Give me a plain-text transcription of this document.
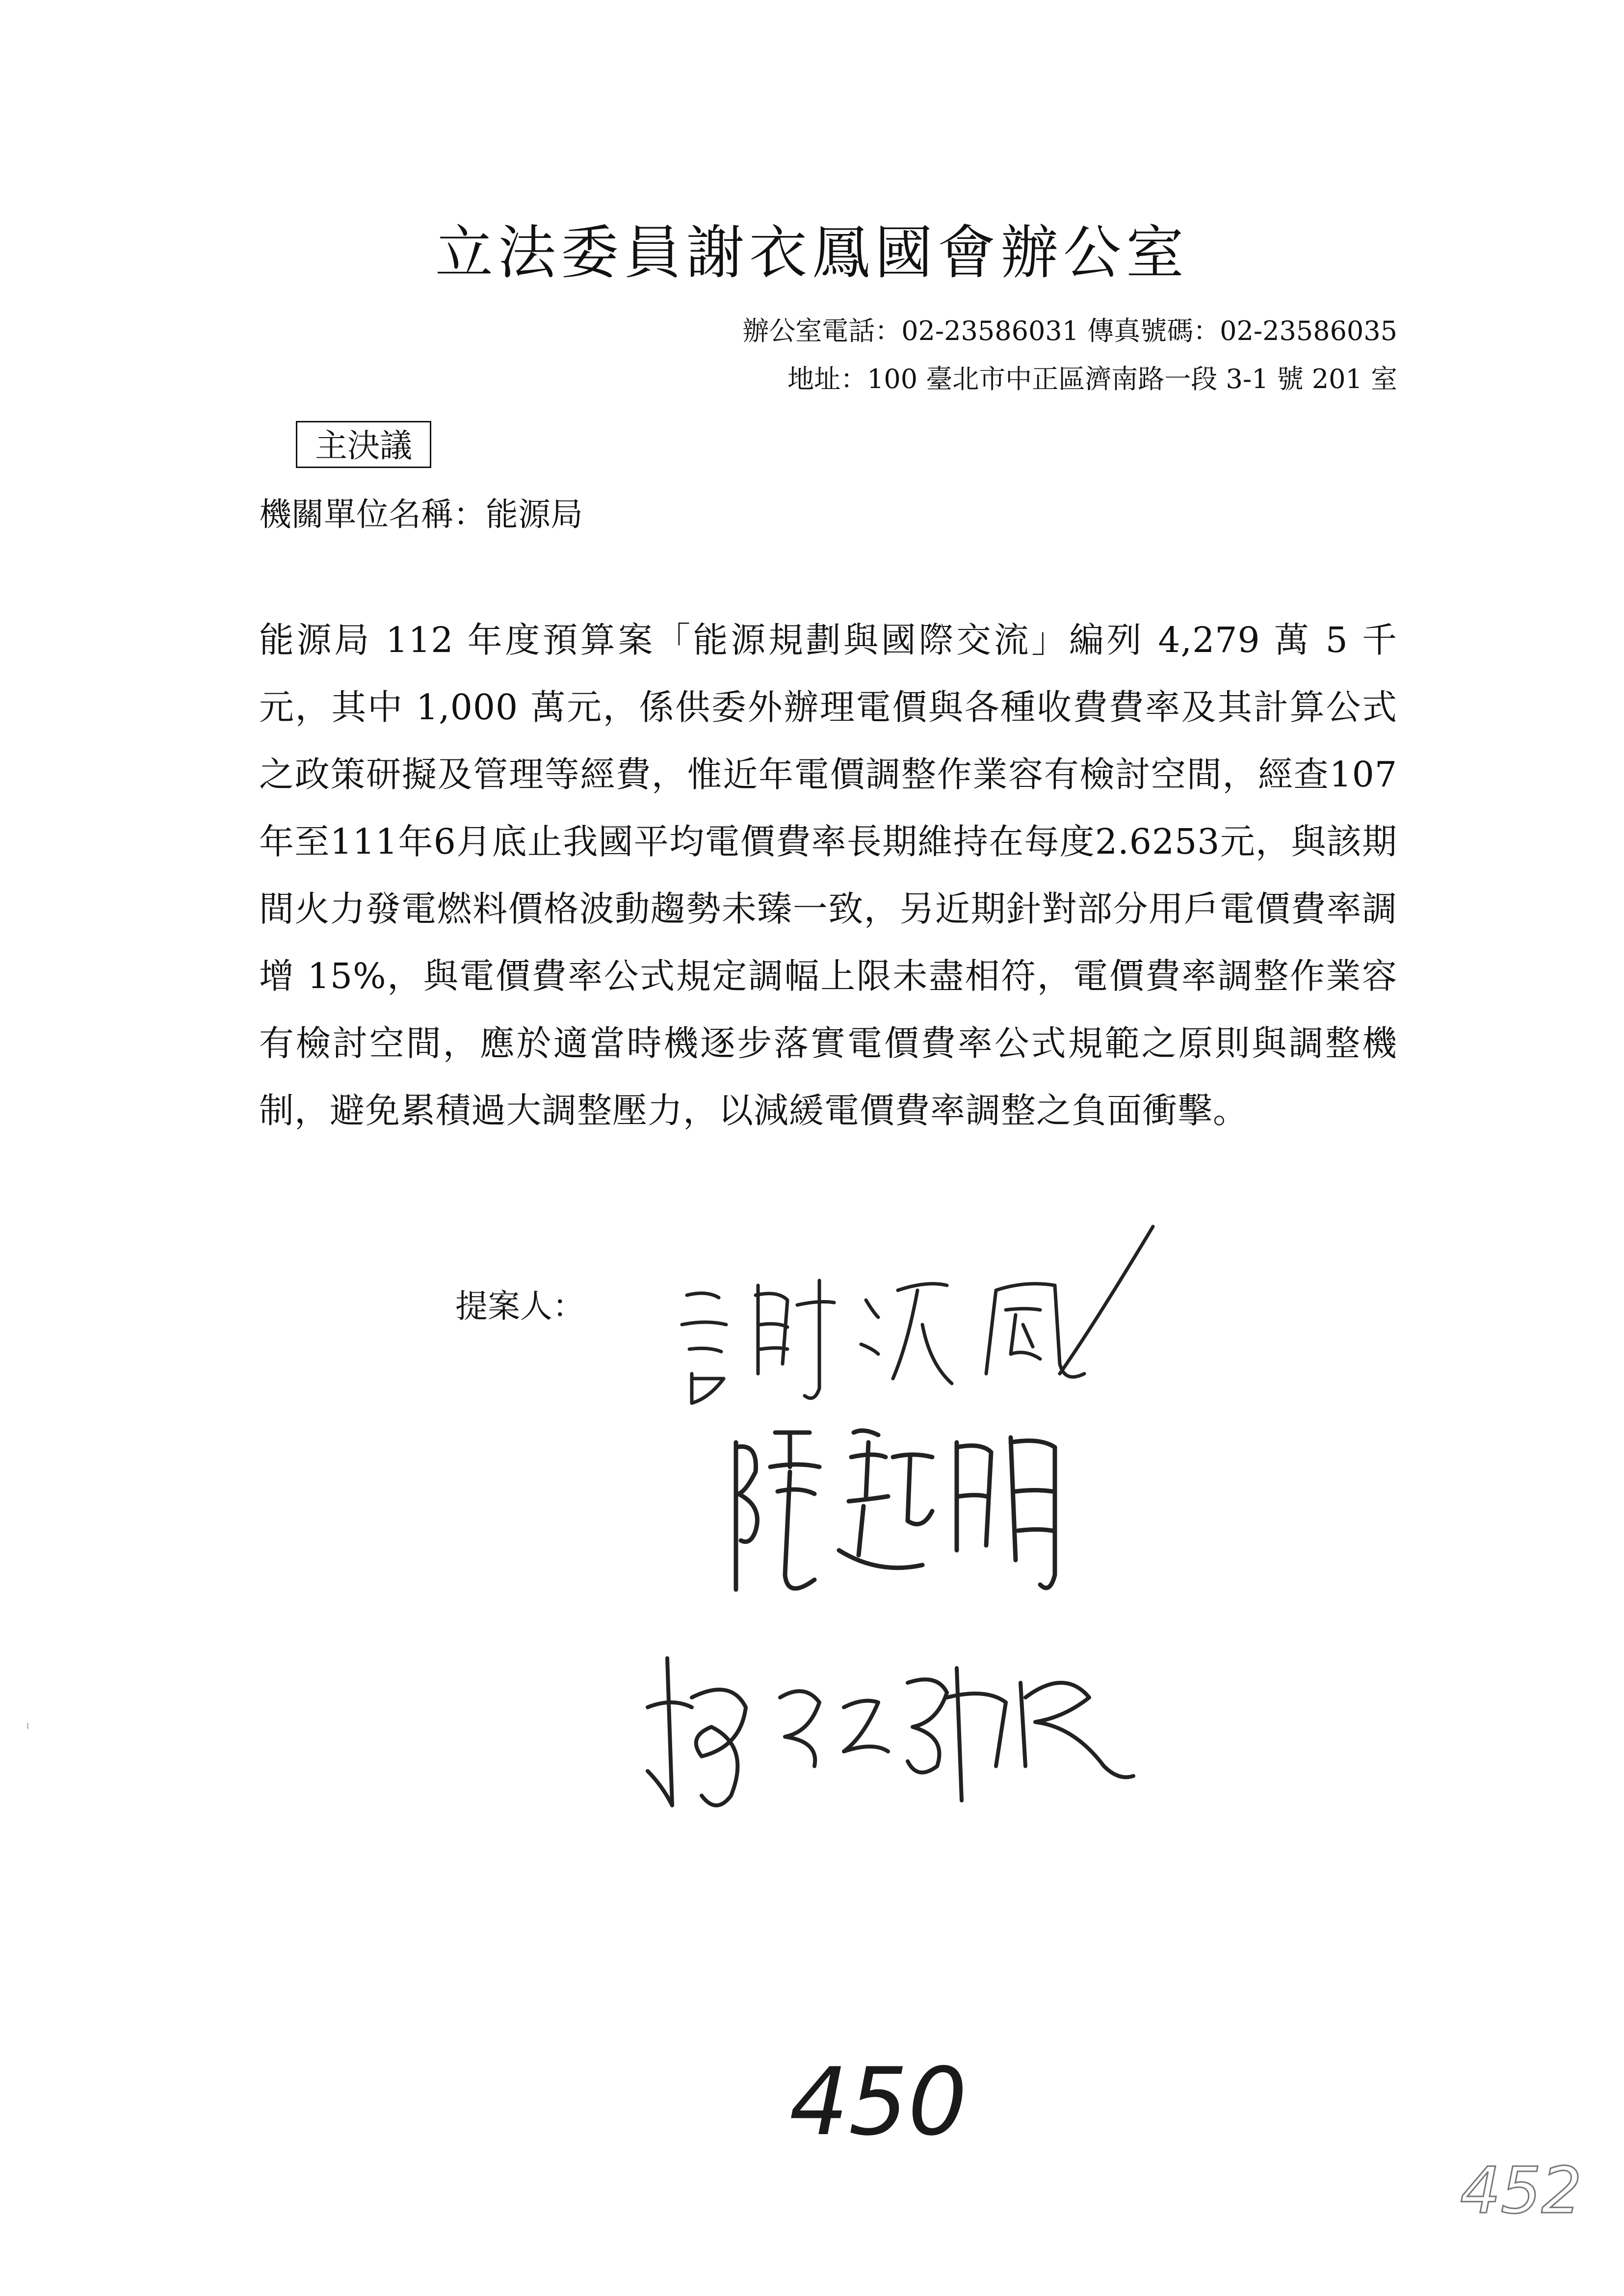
立法委員謝衣鳳國會辦公室
辦公室電話：02-23586031 傳真號碼：02-23586035
地址：100 臺北市中正區濟南路一段 3-1 號 201 室
主決議
機關單位名稱：能源局
能源局 112 年度預算案「能源規劃與國際交流」編列 4,279 萬 5 千元，其中 1,000 萬元，係供委外辦理電價與各種收費費率及其計算公式之政策研擬及管理等經費，惟近年電價調整作業容有檢討空間，經查107年至111年6月底止我國平均電價費率長期維持在每度2.6253元，與該期間火力發電燃料價格波動趨勢未臻一致，另近期針對部分用戶電價費率調增 15%，與電價費率公式規定調幅上限未盡相符，電價費率調整作業容有檢討空間，應於適當時機逐步落實電價費率公式規範之原則與調整機制，避免累積過大調整壓力，以減緩電價費率調整之負面衝擊。
提案人：
450
452
